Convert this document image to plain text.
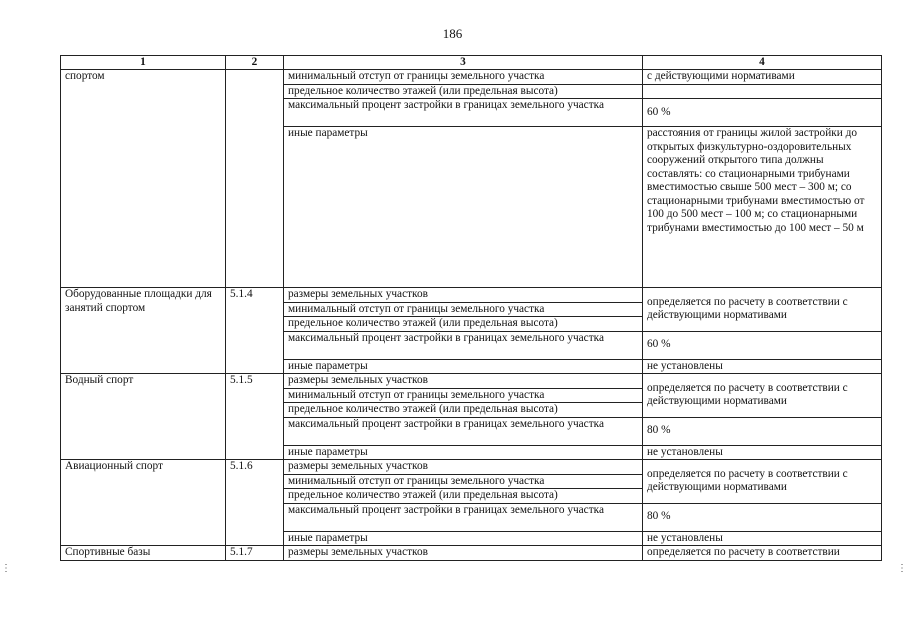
186
1	2	3	4
спортом		минимальный отступ от границы земельного участка	с действующими нормативами
		предельное количество этажей (или предельная высота)	
		максимальный процент застройки в границах земельного участка	60 %
		иные параметры	расстояния от границы жилой застройки до открытых физкультурно-оздоровительных сооружений открытого типа должны составлять: со стационарными трибунами вместимостью свыше 500 мест – 300 м; со стационарными трибунами вместимостью от 100 до 500 мест – 100 м; со стационарными трибунами вместимостью до 100 мест – 50 м
Оборудованные площадки для занятий спортом	5.1.4	размеры земельных участков	определяется по расчету в соответствии с действующими нормативами
		минимальный отступ от границы земельного участка	
		предельное количество этажей (или предельная высота)	
		максимальный процент застройки в границах земельного участка	60 %
		иные параметры	не установлены
Водный спорт	5.1.5	размеры земельных участков	определяется по расчету в соответствии с действующими нормативами
		минимальный отступ от границы земельного участка	
		предельное количество этажей (или предельная высота)	
		максимальный процент застройки в границах земельного участка	80 %
		иные параметры	не установлены
Авиационный спорт	5.1.6	размеры земельных участков	определяется по расчету в соответствии с действующими нормативами
		минимальный отступ от границы земельного участка	
		предельное количество этажей (или предельная высота)	
		максимальный процент застройки в границах земельного участка	80 %
		иные параметры	не установлены
Спортивные базы	5.1.7	размеры земельных участков	определяется по расчету в соответствии
⋮	⋮
